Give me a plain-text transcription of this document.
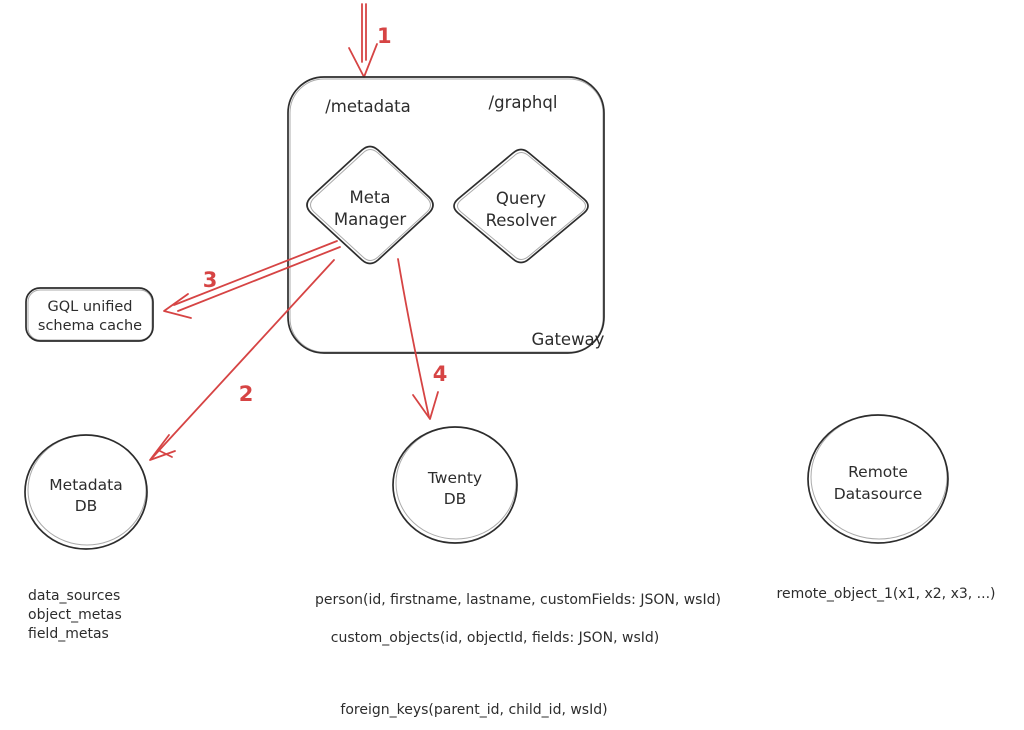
1
/metadata	/graphql
Gateway
Meta
Manager
Query
Resolver
3
2
4
GQL unified
schema cache
Metadata
DB
Twenty
DB
Remote
Datasource
data_sources
object_metas
field_metas
person(id, firstname, lastname, customFields: JSON, wsId)
custom_objects(id, objectId, fields: JSON, wsId)
foreign_keys(parent_id, child_id, wsId)
remote_object_1(x1, x2, x3, ...)
